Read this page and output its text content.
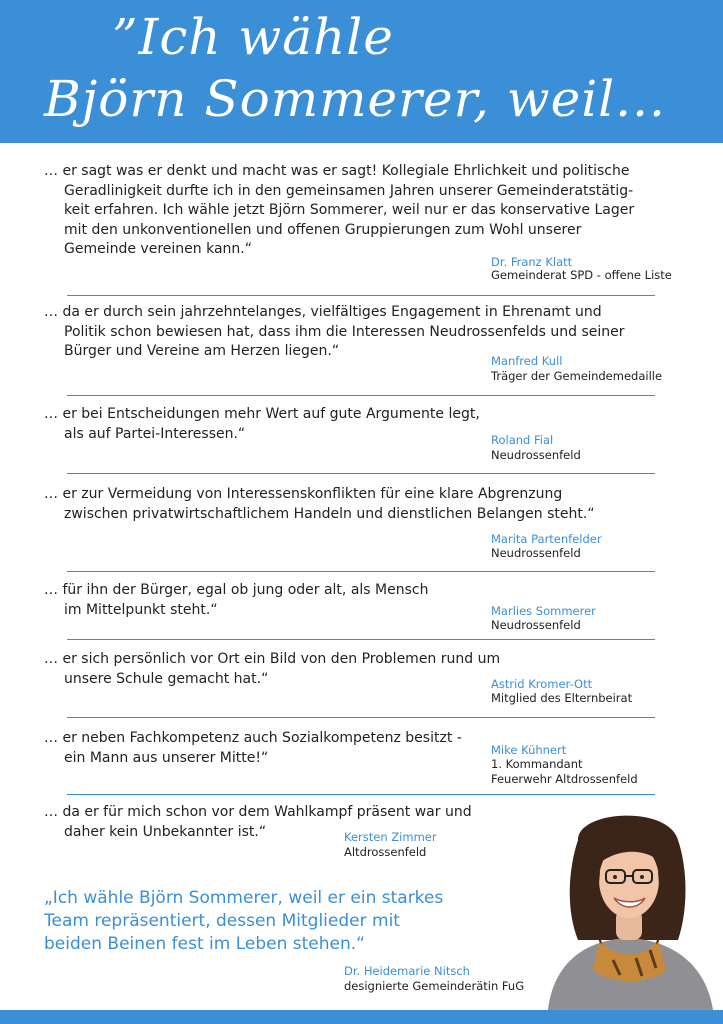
”Ich wähle
Björn Sommerer, weil...
… er sagt was er denkt und macht was er sagt! Kollegiale Ehrlichkeit und politische
Geradlinigkeit durfte ich in den gemeinsamen Jahren unserer Gemeinderatstätig-
keit erfahren. Ich wähle jetzt Björn Sommerer, weil nur er das konservative Lager
mit den unkonventionellen und offenen Gruppierungen zum Wohl unserer
Gemeinde vereinen kann.“
Dr. Franz Klatt
Gemeinderat SPD - offene Liste
… da er durch sein jahrzehntelanges, vielfältiges Engagement in Ehrenamt und
Politik schon bewiesen hat, dass ihm die Interessen Neudrossenfelds und seiner
Bürger und Vereine am Herzen liegen.“
Manfred Kull
Träger der Gemeindemedaille
… er bei Entscheidungen mehr Wert auf gute Argumente legt,
als auf Partei-Interessen.“	Roland Fial
Neudrossenfeld
… er zur Vermeidung von Interessenskonflikten für eine klare Abgrenzung
zwischen privatwirtschaftlichem Handeln und dienstlichen Belangen steht.“
Marita Partenfelder
Neudrossenfeld
… für ihn der Bürger, egal ob jung oder alt, als Mensch
im Mittelpunkt steht.“	Marlies Sommerer
Neudrossenfeld
… er sich persönlich vor Ort ein Bild von den Problemen rund um
unsere Schule gemacht hat.“	Astrid Kromer-Ott
Mitglied des Elternbeirat
… er neben Fachkompetenz auch Sozialkompetenz besitzt -
ein Mann aus unserer Mitte!“	Mike Kühnert
1. Kommandant
Feuerwehr Altdrossenfeld
… da er für mich schon vor dem Wahlkampf präsent war und
daher kein Unbekannter ist.“	Kersten Zimmer
Altdrossenfeld
„Ich wähle Björn Sommerer, weil er ein starkes
Team repräsentiert, dessen Mitglieder mit
beiden Beinen fest im Leben stehen.“
Dr. Heidemarie Nitsch
designierte Gemeinderätin FuG
